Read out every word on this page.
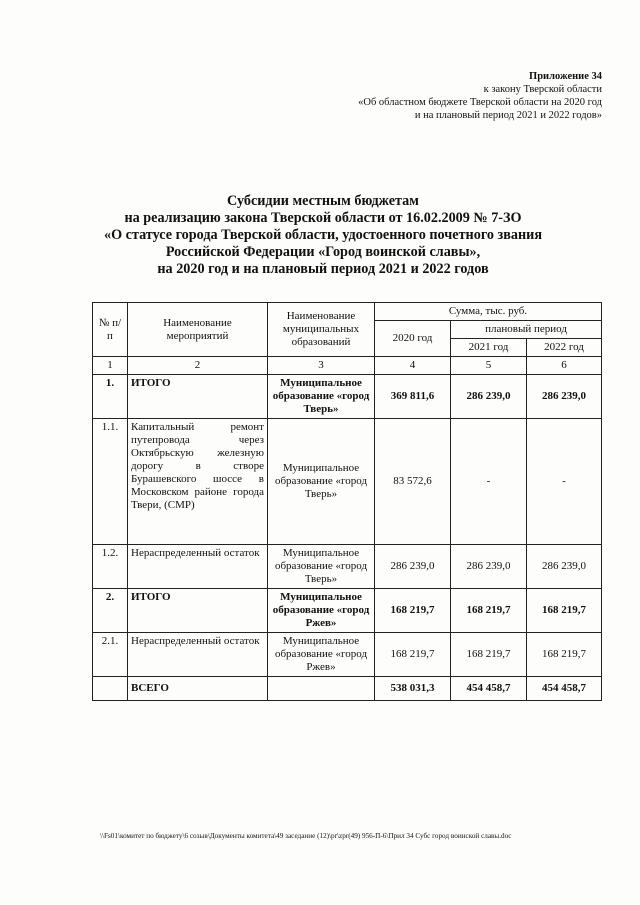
Приложение 34
к закону Тверской области
«Об областном бюджете Тверской области на 2020 год
и на плановый период 2021 и 2022 годов»
Субсидии местным бюджетам
на реализацию закона Тверской области от 16.02.2009 № 7-ЗО
«О статусе города Тверской области, удостоенного почетного звания
Российской Федерации «Город воинской славы»,
на 2020 год и на плановый период 2021 и 2022 годов
№ п/п	Наименование мероприятий	Наименование муниципальных образований	Сумма, тыс. руб.		
			2020 год	плановый период	
				2021 год	2022 год
1	2	3	4	5	6
1.	ИТОГО	Муниципальное образование «город Тверь»	369 811,6	286 239,0	286 239,0
1.1.	Капитальный ремонт путепровода через Октябрьскую железную дорогу в створе Бурашевского шоссе в Московском районе города Твери, (СМР)	Муниципальное образование «город Тверь»	83 572,6	-	-
1.2.	Нераспределенный остаток	Муниципальное образование «город Тверь»	286 239,0	286 239,0	286 239,0
2.	ИТОГО	Муниципальное образование «город Ржев»	168 219,7	168 219,7	168 219,7
2.1.	Нераспределенный остаток	Муниципальное образование «город Ржев»	168 219,7	168 219,7	168 219,7
	ВСЕГО		538 031,3	454 458,7	454 458,7
\\Fs01\комитет по бюджету\6 созыв\Документы комитета\49 заседание (12)\pr\zpr(49) 956-П-6\Прил 34 Субс город воинской славы.doc
